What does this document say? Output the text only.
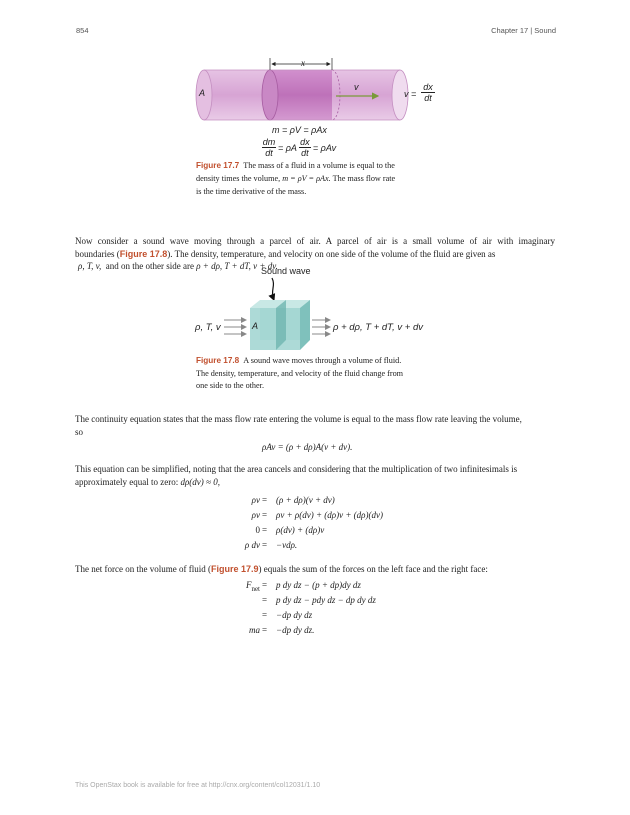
854	Chapter 17 | Sound
x
A
v
$v = \frac{dx}{dt}$
m = ρV = ρAx
$\frac{dm}{dt} = \rho A \frac{dx}{dt} = \rho Av$
Figure 17.7 The mass of a fluid in a volume is equal to the
density times the volume, m = ρV = ρAx. The mass flow rate
is the time derivative of the mass.
Now consider a sound wave moving through a parcel of air. A parcel of air is a small volume of air with imaginary
boundaries (Figure 17.8). The density, temperature, and velocity on one side of the volume of the fluid are given as
ρ, T, v, and on the other side are ρ + dρ, T + dT, v + dv.
Sound wave
ρ, T, v	A	ρ + dρ, T + dT, v + dv
Figure 17.8 A sound wave moves through a volume of fluid.
The density, temperature, and velocity of the fluid change from
one side to the other.
The continuity equation states that the mass flow rate entering the volume is equal to the mass flow rate leaving the volume,
so
ρAv = (ρ + dρ)A(v + dv).
This equation can be simplified, noting that the area cancels and considering that the multiplication of two infinitesimals is
approximately equal to zero: dρ(dv) ≈ 0,
ρv = (ρ + dρ)(v + dv)
ρv = ρv + ρ(dv) + (dρ)v + (dρ)(dv)
0 = ρ(dv) + (dρ)v
ρ dv = −vdρ.
The net force on the volume of fluid (Figure 17.9) equals the sum of the forces on the left face and the right face:
$F_{net} = p$ dy dz − (p + dp)dy dz
= p dy dz − pdy dz − dp dy dz
= −dp dy dz
ma = −dp dy dz.
This OpenStax book is available for free at http://cnx.org/content/col12031/1.10
